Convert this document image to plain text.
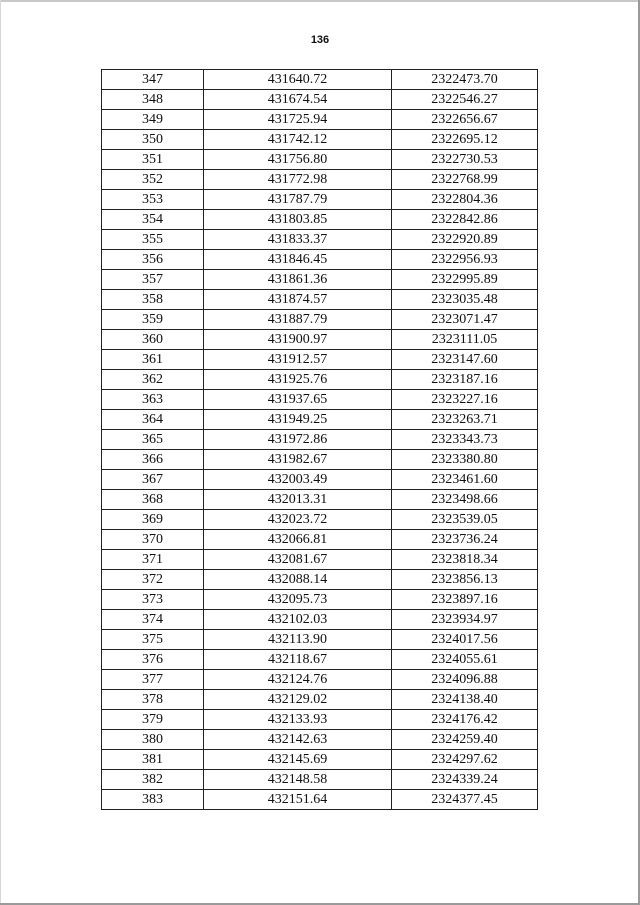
136
347	431640.72	2322473.70
348	431674.54	2322546.27
349	431725.94	2322656.67
350	431742.12	2322695.12
351	431756.80	2322730.53
352	431772.98	2322768.99
353	431787.79	2322804.36
354	431803.85	2322842.86
355	431833.37	2322920.89
356	431846.45	2322956.93
357	431861.36	2322995.89
358	431874.57	2323035.48
359	431887.79	2323071.47
360	431900.97	2323111.05
361	431912.57	2323147.60
362	431925.76	2323187.16
363	431937.65	2323227.16
364	431949.25	2323263.71
365	431972.86	2323343.73
366	431982.67	2323380.80
367	432003.49	2323461.60
368	432013.31	2323498.66
369	432023.72	2323539.05
370	432066.81	2323736.24
371	432081.67	2323818.34
372	432088.14	2323856.13
373	432095.73	2323897.16
374	432102.03	2323934.97
375	432113.90	2324017.56
376	432118.67	2324055.61
377	432124.76	2324096.88
378	432129.02	2324138.40
379	432133.93	2324176.42
380	432142.63	2324259.40
381	432145.69	2324297.62
382	432148.58	2324339.24
383	432151.64	2324377.45
